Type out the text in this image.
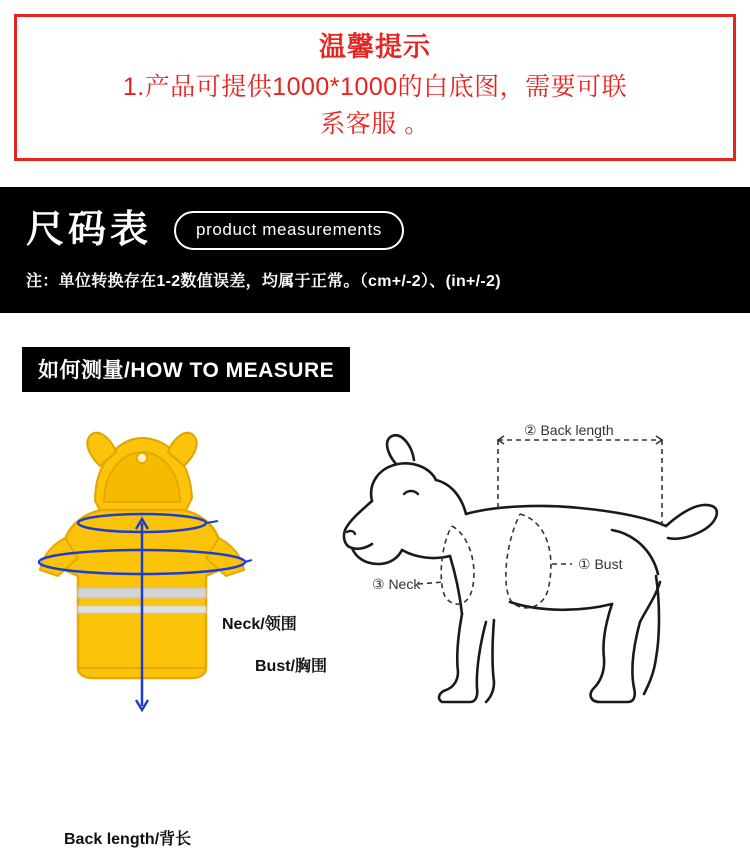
温馨提示
1.产品可提供1000*1000的白底图，需要可联
系客服 。
尺码表	product measurements
注：单位转换存在1-2数值误差，均属于正常。（cm+/-2）、(in+/-2)
如何测量/HOW TO MEASURE
Neck/领围
Bust/胸围
Back length/背长
② Back length
① Bust
③ Neck
